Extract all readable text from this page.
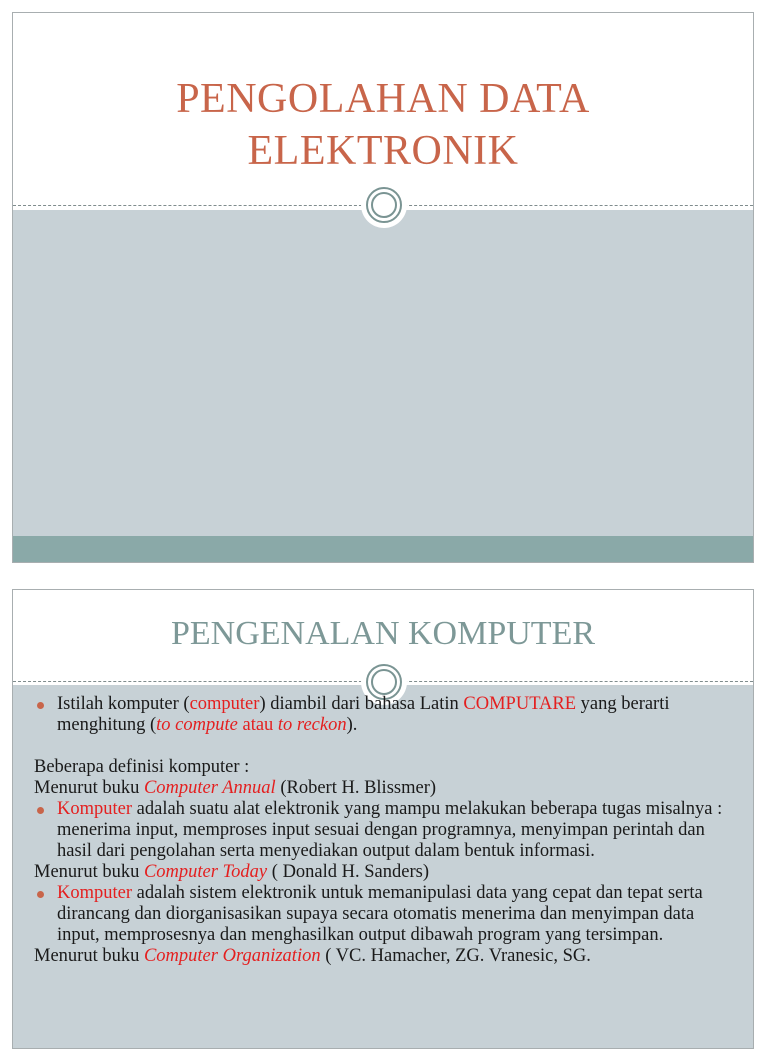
PENGOLAHAN DATA
ELEKTRONIK
PENGENALAN KOMPUTER
Istilah komputer (computer) diambil dari bahasa Latin COMPUTARE yang berarti menghitung (to compute atau to reckon).
Beberapa definisi komputer :
Menurut buku Computer Annual (Robert H. Blissmer)
Komputer adalah suatu alat elektronik yang mampu melakukan beberapa tugas misalnya : menerima input, memproses input sesuai dengan programnya, menyimpan perintah dan hasil dari pengolahan serta menyediakan output dalam bentuk informasi.
Menurut buku Computer Today ( Donald H. Sanders)
Komputer adalah sistem elektronik untuk memanipulasi data yang cepat dan tepat serta dirancang dan diorganisasikan supaya secara otomatis menerima dan menyimpan data input, memprosesnya dan menghasilkan output dibawah program yang tersimpan.
Menurut buku Computer Organization ( VC. Hamacher, ZG. Vranesic, SG.
